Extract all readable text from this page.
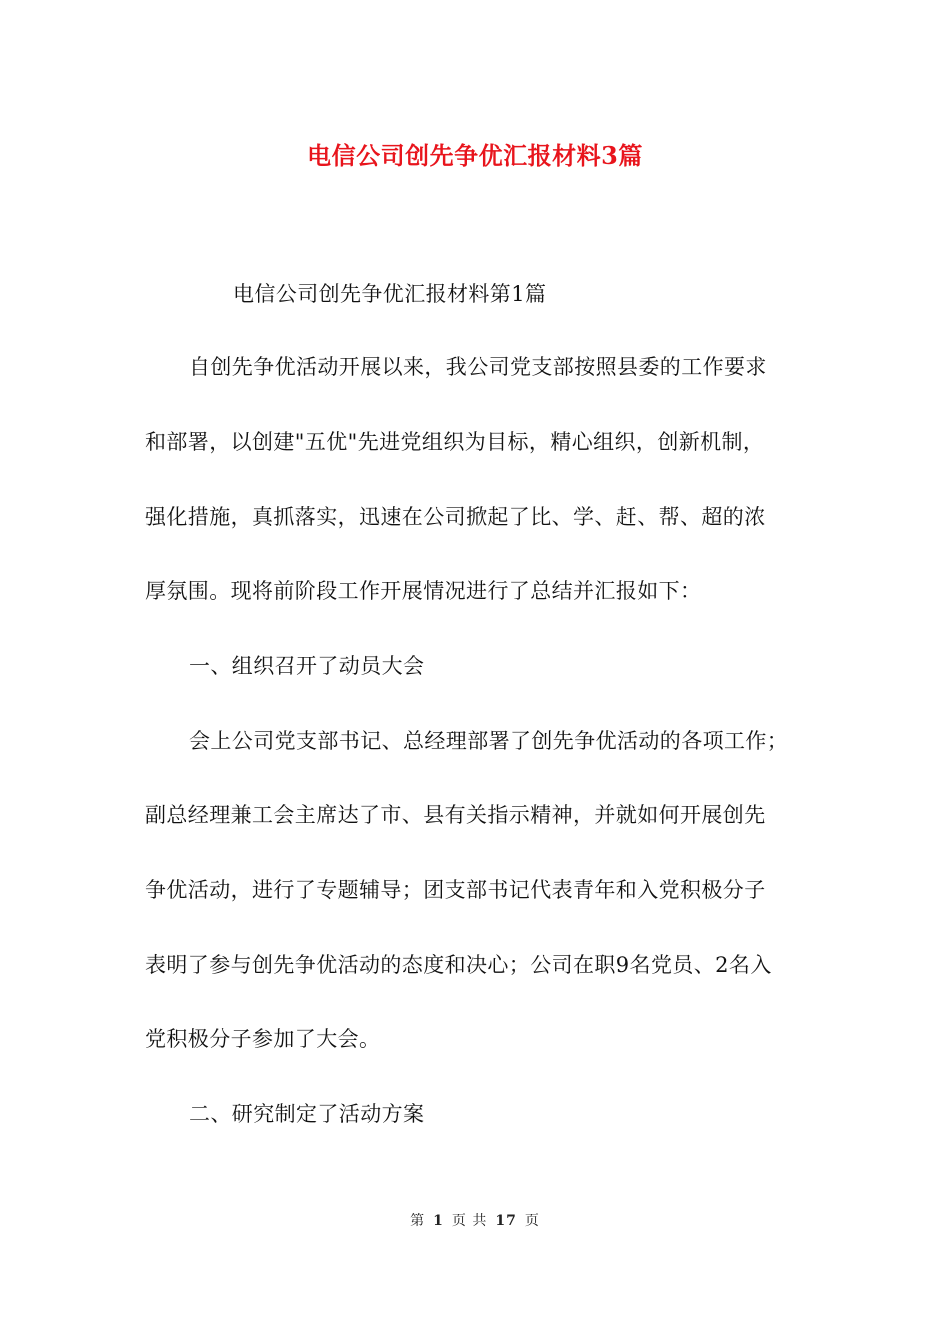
电信公司创先争优汇报材料3篇

电信公司创先争优汇报材料第1篇

自创先争优活动开展以来，我公司党支部按照县委的工作要求

和部署，以创建"五优"先进党组织为目标，精心组织，创新机制，

强化措施，真抓落实，迅速在公司掀起了比、学、赶、帮、超的浓

厚氛围。现将前阶段工作开展情况进行了总结并汇报如下：

一、组织召开了动员大会

会上公司党支部书记、总经理部署了创先争优活动的各项工作；

副总经理兼工会主席达了市、县有关指示精神，并就如何开展创先

争优活动，进行了专题辅导；团支部书记代表青年和入党积极分子

表明了参与创先争优活动的态度和决心；公司在职9名党员、2名入

党积极分子参加了大会。

二、研究制定了活动方案

第 1 页 共 17 页
